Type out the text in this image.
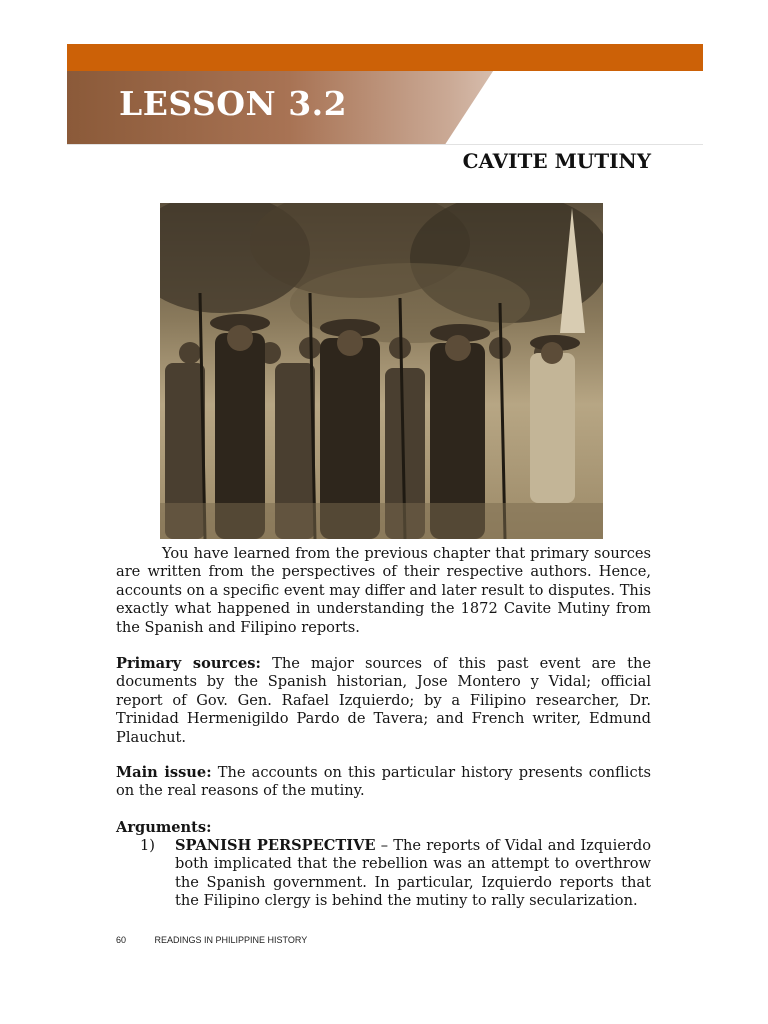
LESSON 3.2
CAVITE MUTINY

You have learned from the previous chapter that primary sources are written from the perspectives of their respective authors. Hence, accounts on a specific event may differ and later result to disputes. This exactly what happened in understanding the 1872 Cavite Mutiny from the Spanish and Filipino reports.

Primary sources: The major sources of this past event are the documents by the Spanish historian, Jose Montero y Vidal; official report of Gov. Gen. Rafael Izquierdo; by a Filipino researcher, Dr. Trinidad Hermenigildo Pardo de Tavera; and French writer, Edmund Plauchut.

Main issue: The accounts on this particular history presents conflicts on the real reasons of the mutiny.

Arguments:

1)	SPANISH PERSPECTIVE – The reports of Vidal and Izquierdo both implicated that the rebellion was an attempt to overthrow the Spanish government. In particular, Izquierdo reports that the Filipino clergy is behind the mutiny to rally secularization.

60	READINGS IN PHILIPPINE HISTORY
